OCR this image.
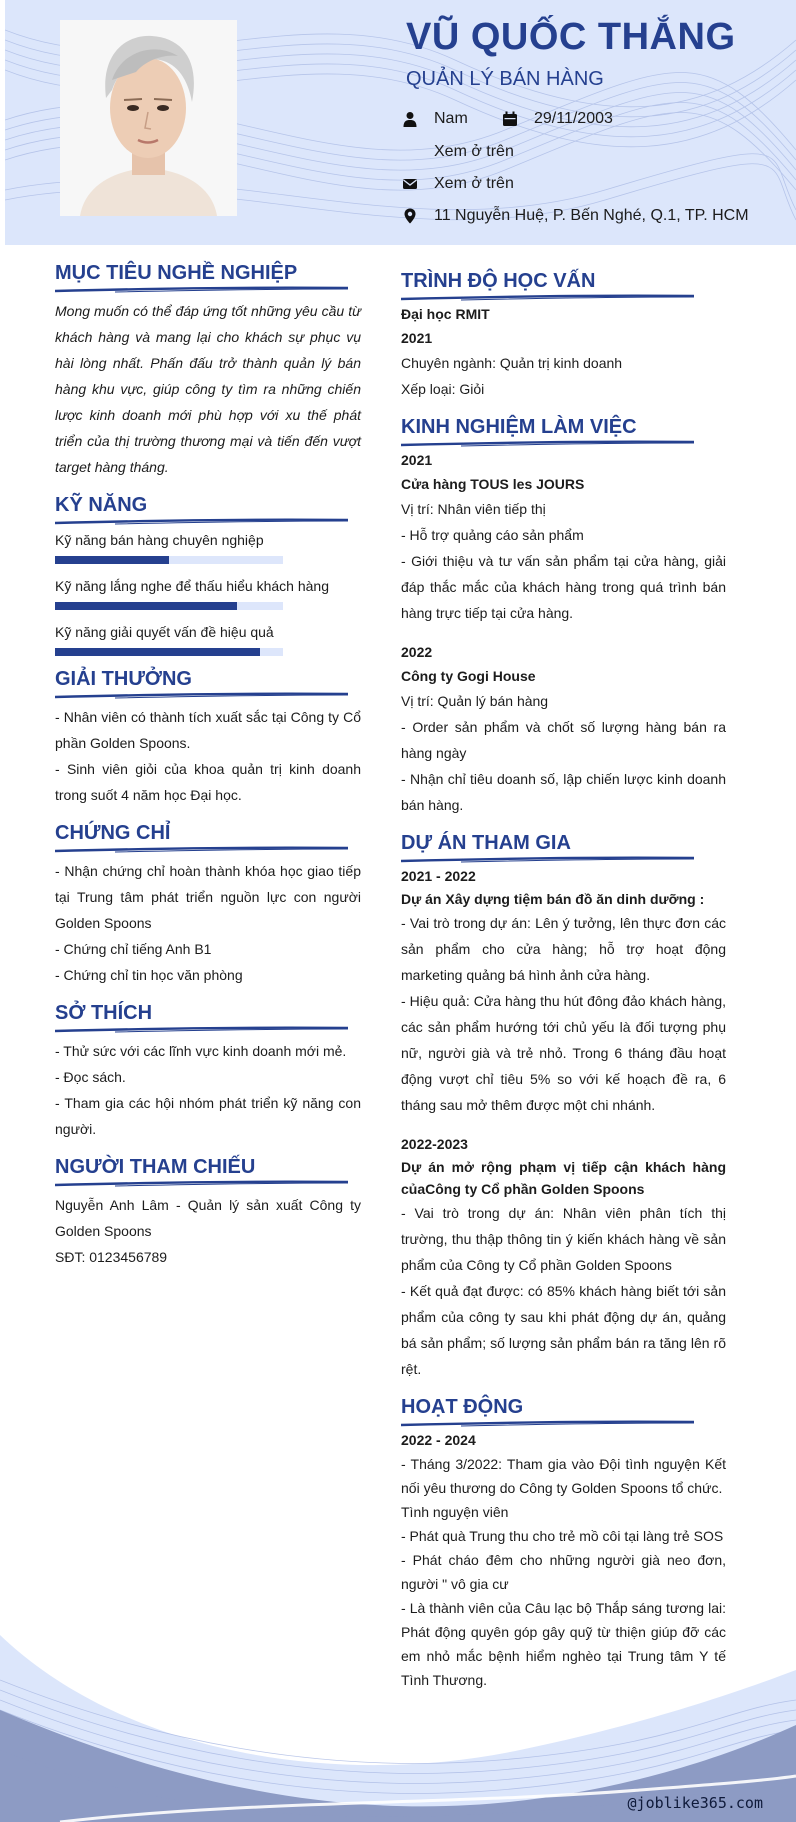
VŨ QUỐC THẮNG
QUẢN LÝ BÁN HÀNG
Nam	29/11/2003
Xem ở trên
Xem ở trên
11 Nguyễn Huệ, P. Bến Nghé, Q.1, TP. HCM
MỤC TIÊU NGHỀ NGHIỆP

Mong muốn có thể đáp ứng tốt những yêu cầu từ khách hàng và mang lại cho khách sự phục vụ hài lòng nhất. Phấn đấu trở thành quản lý bán hàng khu vực, giúp công ty tìm ra những chiến lược kinh doanh mới phù hợp với xu thế phát triển của thị trường thương mại và tiến đến vượt target hàng tháng.

KỸ NĂNG
Kỹ năng bán hàng chuyên nghiệp
Kỹ năng lắng nghe để thấu hiểu khách hàng
Kỹ năng giải quyết vấn đề hiệu quả
GIẢI THƯỞNG

- Nhân viên có thành tích xuất sắc tại Công ty Cổ phần Golden Spoons.

- Sinh viên giỏi của khoa quản trị kinh doanh trong suốt 4 năm học Đại học.

CHỨNG CHỈ

- Nhận chứng chỉ hoàn thành khóa học giao tiếp tại Trung tâm phát triển nguồn lực con người Golden Spoons

- Chứng chỉ tiếng Anh B1

- Chứng chỉ tin học văn phòng

SỞ THÍCH

- Thử sức với các lĩnh vực kinh doanh mới mẻ.

- Đọc sách.

- Tham gia các hội nhóm phát triển kỹ năng con người.

NGƯỜI THAM CHIẾU

Nguyễn Anh Lâm - Quản lý sản xuất Công ty Golden Spoons

SĐT: 0123456789

TRÌNH ĐỘ HỌC VẤN

Đại học RMIT

2021

Chuyên ngành: Quản trị kinh doanh

Xếp loại: Giỏi

KINH NGHIỆM LÀM VIỆC

2021

Cửa hàng TOUS les JOURS

Vị trí: Nhân viên tiếp thị

- Hỗ trợ quảng cáo sản phẩm

- Giới thiệu và tư vấn sản phẩm tại cửa hàng, giải đáp thắc mắc của khách hàng trong quá trình bán hàng trực tiếp tại cửa hàng.

2022

Công ty Gogi House

Vị trí: Quản lý bán hàng

- Order sản phẩm và chốt số lượng hàng bán ra hàng ngày

- Nhận chỉ tiêu doanh số, lập chiến lược kinh doanh bán hàng.

DỰ ÁN THAM GIA

2021 - 2022

Dự án Xây dựng tiệm bán đồ ăn dinh dưỡng :

- Vai trò trong dự án: Lên ý tưởng, lên thực đơn các sản phẩm cho cửa hàng; hỗ trợ hoạt động marketing quảng bá hình ảnh cửa hàng.

- Hiệu quả: Cửa hàng thu hút đông đảo khách hàng, các sản phẩm hướng tới chủ yếu là đối tượng phụ nữ, người già và trẻ nhỏ. Trong 6 tháng đầu hoạt động vượt chỉ tiêu 5% so với kế hoạch đề ra, 6 tháng sau mở thêm được một chi nhánh.

2022-2023

Dự án mở rộng phạm vị tiếp cận khách hàng củaCông ty Cổ phần Golden Spoons

- Vai trò trong dự án: Nhân viên phân tích thị trường, thu thập thông tin ý kiến khách hàng về sản phẩm của Công ty Cổ phần Golden Spoons

- Kết quả đạt được: có 85% khách hàng biết tới sản phẩm của công ty sau khi phát động dự án, quảng bá sản phẩm; số lượng sản phẩm bán ra tăng lên rõ rệt.

HOẠT ĐỘNG

2022 - 2024

- Tháng 3/2022: Tham gia vào Đội tình nguyện Kết nối yêu thương do Công ty Golden Spoons tổ chức.

Tình nguyện viên

- Phát quà Trung thu cho trẻ mồ côi tại làng trẻ SOS

- Phát cháo đêm cho những người già neo đơn, người " vô gia cư

- Là thành viên của Câu lạc bộ Thắp sáng tương lai: Phát động quyên góp gây quỹ từ thiện giúp đỡ các em nhỏ mắc bệnh hiểm nghèo tại Trung tâm Y tế Tình Thương.

@joblike365.com
